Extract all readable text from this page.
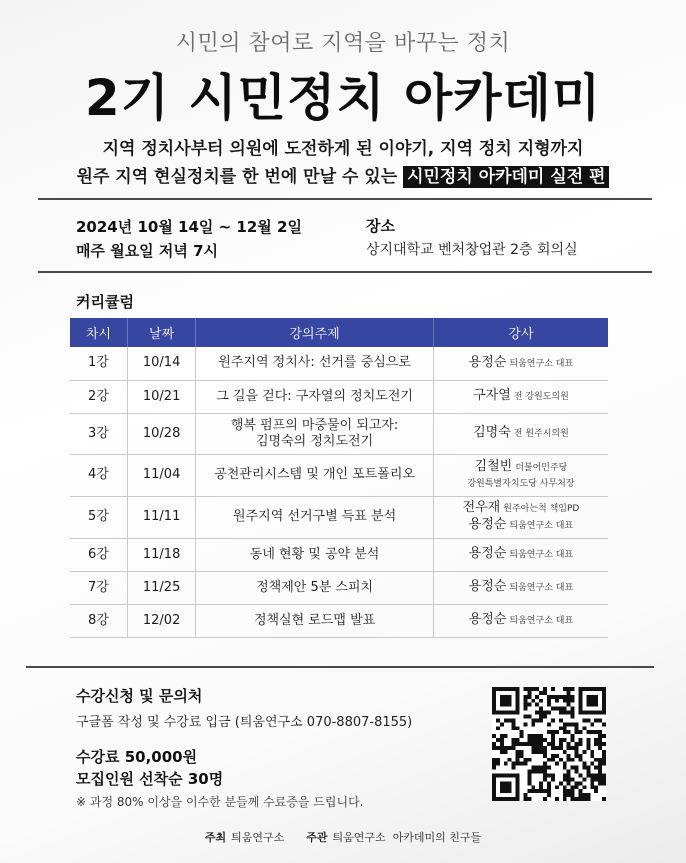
시민의 참여로 지역을 바꾸는 정치
2기 시민정치 아카데미
지역 정치사부터 의원에 도전하게 된 이야기, 지역 정치 지형까지
원주 지역 현실정치를 한 번에 만날 수 있는 시민정치 아카데미 실전 편
2024년 10월 14일 ~ 12월 2일
매주 월요일 저녁 7시
장소
상지대학교 벤처창업관 2층 회의실
커리큘럼
차시	날짜	강의주제	강사
1강	10/14	원주지역 정치사: 선거를 중심으로	용정순 틔움연구소 대표

2강	10/21	그 길을 걷다: 구자열의 정치도전기	구자열 전 강원도의원

3강	10/28	행복 펌프의 마중물이 되고자:
김명숙의 정치도전기	김명숙 전 원주시의원

4강	11/04	공천관리시스템 및 개인 포트폴리오	김철빈 더불어민주당
강원특별자치도당 사무처장

5강	11/11	원주지역 선거구별 득표 분석	전우재 원주아는척 책임PD
용정순 틔움연구소 대표

6강	11/18	동네 현황 및 공약 분석	용정순 틔움연구소 대표

7강	11/25	정책제안 5분 스피치	용정순 틔움연구소 대표

8강	12/02	정책실현 로드맵 발표	용정순 틔움연구소 대표
수강신청 및 문의처
구글폼 작성 및 수강료 입금 (틔움연구소 070-8807-8155)
수강료 50,000원
모집인원 선착순 30명
※ 과정 80% 이상을 이수한 분들께 수료증을 드립니다.
주최 틔움연구소 주관 틔움연구소  아카데미의 친구들
